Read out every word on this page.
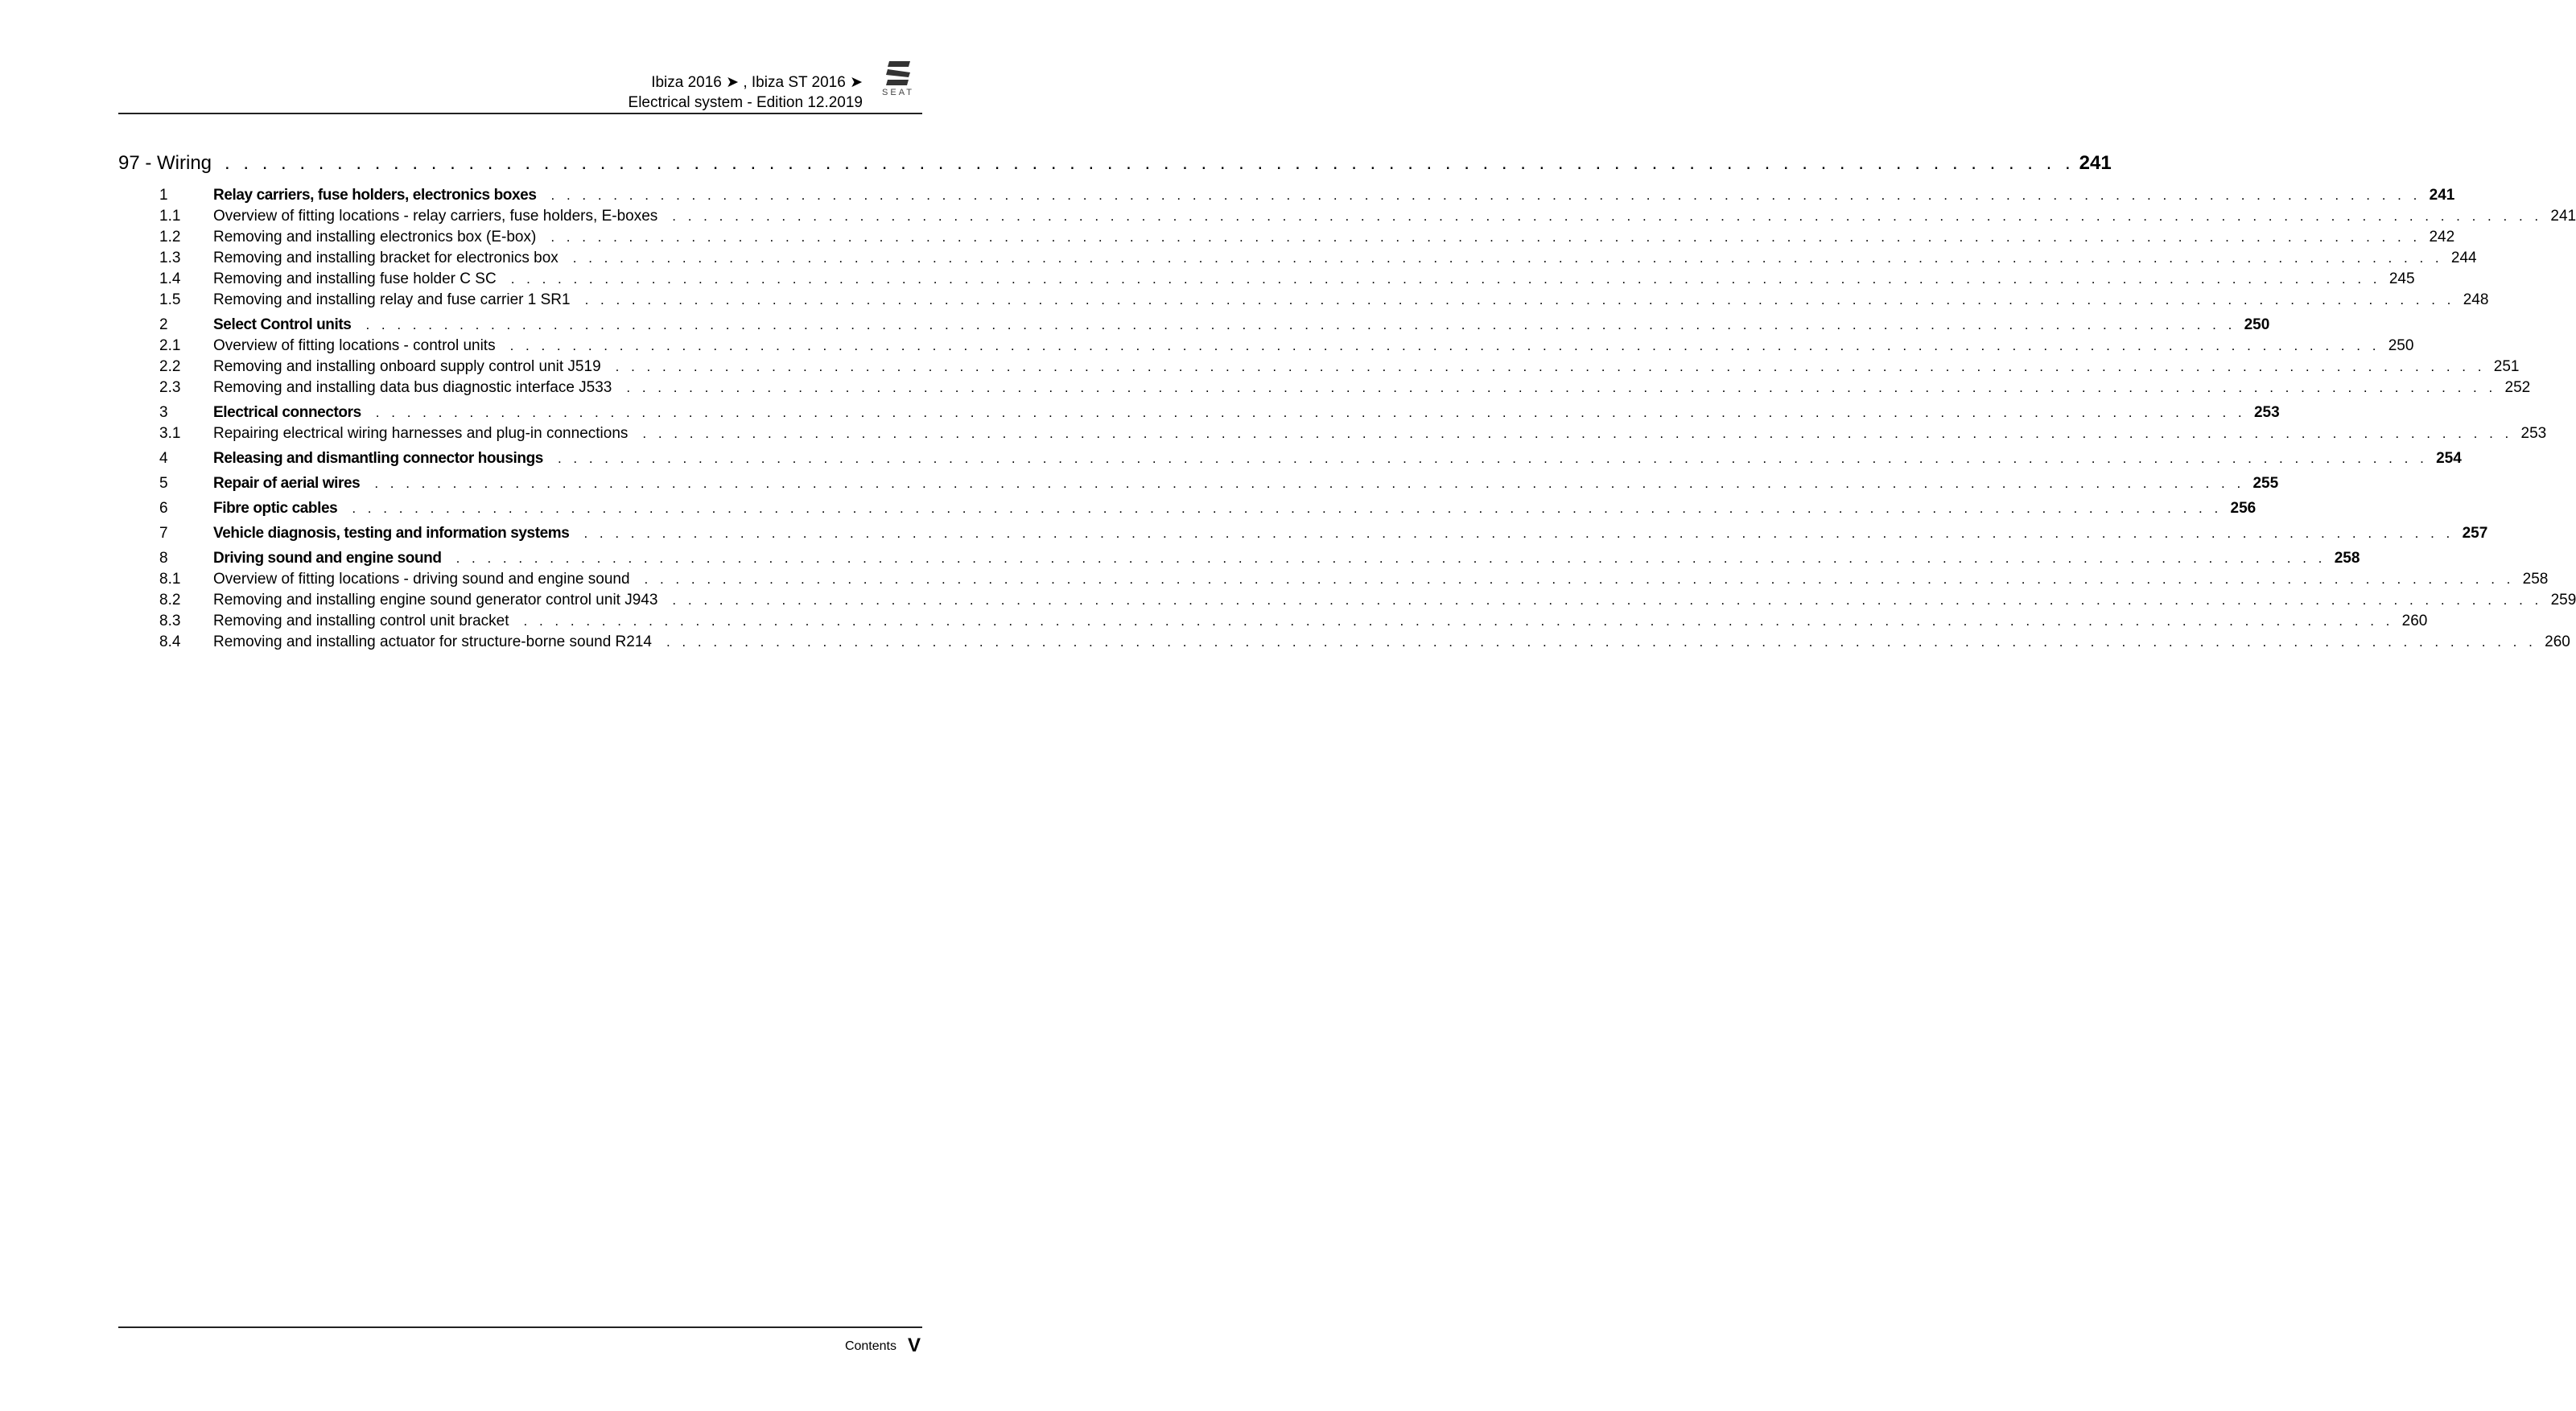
Ibiza 2016 ➤ , Ibiza ST 2016 ➤
Electrical system - Edition 12.2019
SEAT
97 - Wiring . . . . . . . . . . . . . . . . . . . . . . . . . . . . . . . . . . . . . . . . . . . . . . . . . . . . . . . . . . . . . . . . . . . . . . . . . . . . . . . . . . . . . . . . . . . . . . . . . . . 241
1	Relay carriers, fuse holders, electronics boxes	. . . . . . . . . . . . . . . . . . . . . . . . . . . . . . . . . . . . . . . . . . . . . . . . . . . . . . . . . . . . . . . . . . . . . . . . . . . . . . . . . . . . . . . . . . . . . . . . . . . . . . . . . . . . . . . . . . . . . . . . 241
1.1	Overview of fitting locations - relay carriers, fuse holders, E-boxes	. . . . . . . . . . . . . . . . . . . . . . . . . . . . . . . . . . . . . . . . . . . . . . . . . . . . . . . . . . . . . . . . . . . . . . . . . . . . . . . . . . . . . . . . . . . . . . . . . . . . . . . . . . . . . . . . . . . . . . . . 241
1.2	Removing and installing electronics box (E-box)	. . . . . . . . . . . . . . . . . . . . . . . . . . . . . . . . . . . . . . . . . . . . . . . . . . . . . . . . . . . . . . . . . . . . . . . . . . . . . . . . . . . . . . . . . . . . . . . . . . . . . . . . . . . . . . . . . . . . . . . . 242
1.3	Removing and installing bracket for electronics box	. . . . . . . . . . . . . . . . . . . . . . . . . . . . . . . . . . . . . . . . . . . . . . . . . . . . . . . . . . . . . . . . . . . . . . . . . . . . . . . . . . . . . . . . . . . . . . . . . . . . . . . . . . . . . . . . . . . . . . . . 244
1.4	Removing and installing fuse holder C SC	. . . . . . . . . . . . . . . . . . . . . . . . . . . . . . . . . . . . . . . . . . . . . . . . . . . . . . . . . . . . . . . . . . . . . . . . . . . . . . . . . . . . . . . . . . . . . . . . . . . . . . . . . . . . . . . . . . . . . . . . 245
1.5	Removing and installing relay and fuse carrier 1 SR1	. . . . . . . . . . . . . . . . . . . . . . . . . . . . . . . . . . . . . . . . . . . . . . . . . . . . . . . . . . . . . . . . . . . . . . . . . . . . . . . . . . . . . . . . . . . . . . . . . . . . . . . . . . . . . . . . . . . . . . . . 248
2	Select Control units	. . . . . . . . . . . . . . . . . . . . . . . . . . . . . . . . . . . . . . . . . . . . . . . . . . . . . . . . . . . . . . . . . . . . . . . . . . . . . . . . . . . . . . . . . . . . . . . . . . . . . . . . . . . . . . . . . . . . . . . . 250
2.1	Overview of fitting locations - control units	. . . . . . . . . . . . . . . . . . . . . . . . . . . . . . . . . . . . . . . . . . . . . . . . . . . . . . . . . . . . . . . . . . . . . . . . . . . . . . . . . . . . . . . . . . . . . . . . . . . . . . . . . . . . . . . . . . . . . . . . 250
2.2	Removing and installing onboard supply control unit J519	. . . . . . . . . . . . . . . . . . . . . . . . . . . . . . . . . . . . . . . . . . . . . . . . . . . . . . . . . . . . . . . . . . . . . . . . . . . . . . . . . . . . . . . . . . . . . . . . . . . . . . . . . . . . . . . . . . . . . . . . 251
2.3	Removing and installing data bus diagnostic interface J533	. . . . . . . . . . . . . . . . . . . . . . . . . . . . . . . . . . . . . . . . . . . . . . . . . . . . . . . . . . . . . . . . . . . . . . . . . . . . . . . . . . . . . . . . . . . . . . . . . . . . . . . . . . . . . . . . . . . . . . . . 252
3	Electrical connectors	. . . . . . . . . . . . . . . . . . . . . . . . . . . . . . . . . . . . . . . . . . . . . . . . . . . . . . . . . . . . . . . . . . . . . . . . . . . . . . . . . . . . . . . . . . . . . . . . . . . . . . . . . . . . . . . . . . . . . . . . 253
3.1	Repairing electrical wiring harnesses and plug-in connections	. . . . . . . . . . . . . . . . . . . . . . . . . . . . . . . . . . . . . . . . . . . . . . . . . . . . . . . . . . . . . . . . . . . . . . . . . . . . . . . . . . . . . . . . . . . . . . . . . . . . . . . . . . . . . . . . . . . . . . . . 253
4	Releasing and dismantling connector housings	. . . . . . . . . . . . . . . . . . . . . . . . . . . . . . . . . . . . . . . . . . . . . . . . . . . . . . . . . . . . . . . . . . . . . . . . . . . . . . . . . . . . . . . . . . . . . . . . . . . . . . . . . . . . . . . . . . . . . . . . 254
5	Repair of aerial wires	. . . . . . . . . . . . . . . . . . . . . . . . . . . . . . . . . . . . . . . . . . . . . . . . . . . . . . . . . . . . . . . . . . . . . . . . . . . . . . . . . . . . . . . . . . . . . . . . . . . . . . . . . . . . . . . . . . . . . . . . 255
6	Fibre optic cables	. . . . . . . . . . . . . . . . . . . . . . . . . . . . . . . . . . . . . . . . . . . . . . . . . . . . . . . . . . . . . . . . . . . . . . . . . . . . . . . . . . . . . . . . . . . . . . . . . . . . . . . . . . . . . . . . . . . . . . . . 256
7	Vehicle diagnosis, testing and information systems	. . . . . . . . . . . . . . . . . . . . . . . . . . . . . . . . . . . . . . . . . . . . . . . . . . . . . . . . . . . . . . . . . . . . . . . . . . . . . . . . . . . . . . . . . . . . . . . . . . . . . . . . . . . . . . . . . . . . . . . . 257
8	Driving sound and engine sound	. . . . . . . . . . . . . . . . . . . . . . . . . . . . . . . . . . . . . . . . . . . . . . . . . . . . . . . . . . . . . . . . . . . . . . . . . . . . . . . . . . . . . . . . . . . . . . . . . . . . . . . . . . . . . . . . . . . . . . . . 258
8.1	Overview of fitting locations - driving sound and engine sound	. . . . . . . . . . . . . . . . . . . . . . . . . . . . . . . . . . . . . . . . . . . . . . . . . . . . . . . . . . . . . . . . . . . . . . . . . . . . . . . . . . . . . . . . . . . . . . . . . . . . . . . . . . . . . . . . . . . . . . . . 258
8.2	Removing and installing engine sound generator control unit J943	. . . . . . . . . . . . . . . . . . . . . . . . . . . . . . . . . . . . . . . . . . . . . . . . . . . . . . . . . . . . . . . . . . . . . . . . . . . . . . . . . . . . . . . . . . . . . . . . . . . . . . . . . . . . . . . . . . . . . . . . 259
8.3	Removing and installing control unit bracket	. . . . . . . . . . . . . . . . . . . . . . . . . . . . . . . . . . . . . . . . . . . . . . . . . . . . . . . . . . . . . . . . . . . . . . . . . . . . . . . . . . . . . . . . . . . . . . . . . . . . . . . . . . . . . . . . . . . . . . . . 260
8.4	Removing and installing actuator for structure-borne sound R214	. . . . . . . . . . . . . . . . . . . . . . . . . . . . . . . . . . . . . . . . . . . . . . . . . . . . . . . . . . . . . . . . . . . . . . . . . . . . . . . . . . . . . . . . . . . . . . . . . . . . . . . . . . . . . . . . . . . . . . . . 260
Contents V
